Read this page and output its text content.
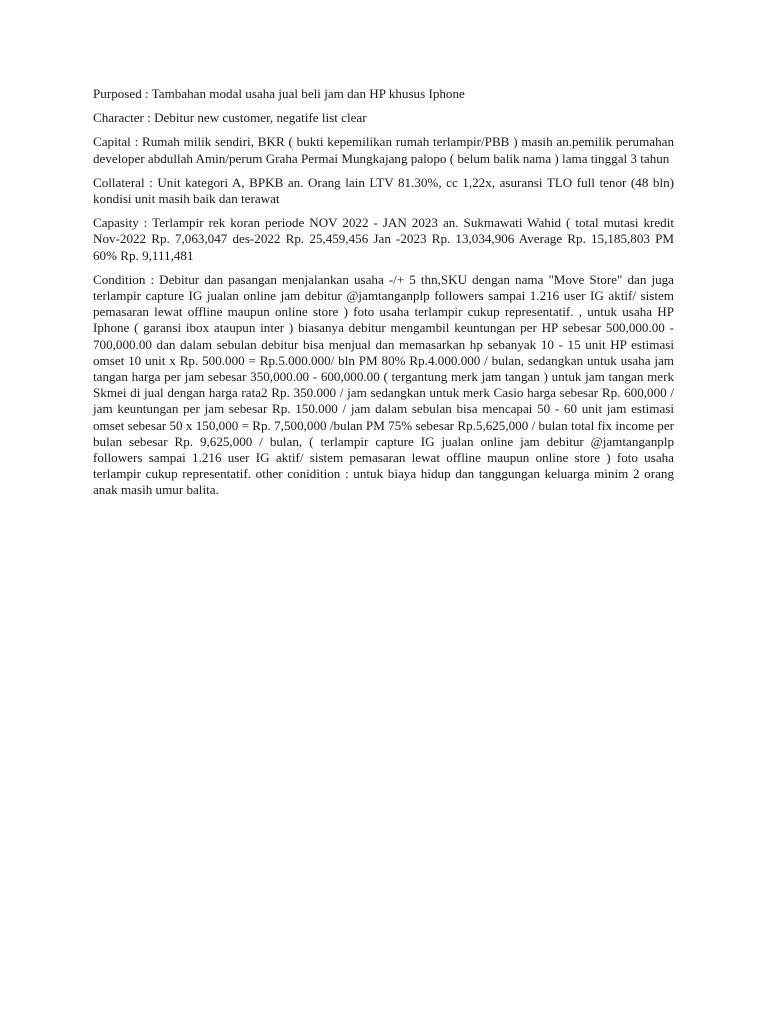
Purposed : Tambahan modal usaha jual beli jam dan HP khusus Iphone

Character : Debitur new customer, negatife list clear

Capital : Rumah milik sendiri, BKR ( bukti kepemilikan rumah terlampir/PBB ) masih an.pemilik perumahan developer abdullah Amin/perum Graha Permai Mungkajang palopo ( belum balik nama ) lama tinggal 3 tahun

Collateral : Unit kategori A, BPKB an. Orang lain LTV 81.30%, cc 1,22x, asuransi TLO full tenor (48 bln) kondisi unit masih baik dan terawat

Capasity : Terlampir rek koran periode NOV 2022 - JAN 2023 an. Sukmawati Wahid ( total mutasi kredit Nov-2022 Rp. 7,063,047 des-2022 Rp. 25,459,456 Jan -2023 Rp. 13,034,906 Average Rp. 15,185,803 PM 60% Rp. 9,111,481

Condition : Debitur dan pasangan menjalankan usaha -/+ 5 thn,SKU dengan nama "Move Store" dan juga terlampir capture IG jualan online jam debitur @jamtanganplp followers sampai 1.216 user IG aktif/ sistem pemasaran lewat offline maupun online store ) foto usaha terlampir cukup representatif. , untuk usaha HP Iphone ( garansi ibox ataupun inter ) biasanya debitur mengambil keuntungan per HP sebesar 500,000.00 - 700,000.00 dan dalam sebulan debitur bisa menjual dan memasarkan hp sebanyak 10 - 15 unit HP estimasi omset 10 unit x Rp. 500.000 = Rp.5.000.000/ bln PM 80% Rp.4.000.000 / bulan, sedangkan untuk usaha jam tangan harga per jam sebesar 350,000.00 - 600,000.00 ( tergantung merk jam tangan ) untuk jam tangan merk Skmei di jual dengan harga rata2 Rp. 350.000 / jam sedangkan untuk merk Casio harga sebesar Rp. 600,000 / jam keuntungan per jam sebesar Rp. 150.000 / jam dalam sebulan bisa mencapai 50 - 60 unit jam estimasi omset sebesar 50 x 150,000 = Rp. 7,500,000 /bulan PM 75% sebesar Rp.5,625,000 / bulan total fix income per bulan sebesar Rp. 9,625,000 / bulan, ( terlampir capture IG jualan online jam debitur @jamtanganplp followers sampai 1.216 user IG aktif/ sistem pemasaran lewat offline maupun online store ) foto usaha terlampir cukup representatif. other conidition : untuk biaya hidup dan tanggungan keluarga minim 2 orang anak masih umur balita.
